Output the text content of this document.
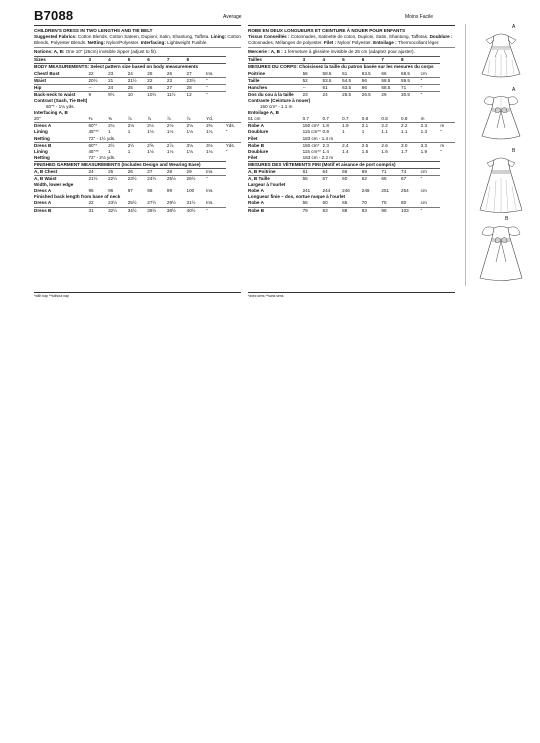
B7088	Average	Moins Facile
CHILDREN'S DRESS IN TWO LENGTHS AND TIE BELT
Suggested Fabrics: Cotton Blends, Cotton Sateen, Dupioni, Satin, Shantung, Taffeta. Lining: Cotton Blends, Polyester Blends. Netting: Nylon/Polyester. Interfacing: Lightweight Fusible.
Notions: A, B: One 10" (25cm) invisible zipper (adjust to fit).
Sizes	3	4	5	6	7	8		
BODY MEASUREMENTS: Select pattern size based on body measurements								
Chest/ Bust	22	23	24	25	26	27	Ins.	
Waist	20½	21	21½	22	23	23½	"	
Hip	--	24	25	26	27	28	"	
Back-neck to waist	9	9½	10	10½	11½	12	"	
Contrast (Sash, Tie Belt)								
60"* - 1⅛ yds.								
Interfacing A, B								
20"	⅜	⅜	⅞	⅞	⅞	⅞	Yd.	
Dress A	60"*	2⅛	2⅛	2⅛	2⅛	2⅛	2⅜	Yds.
Lining	45"**	1	1	1⅛	1⅛	1⅛	1⅛	"
Netting	72" - 1½ yds.							
Dress B	60"*	2½	2½	2⅝	2⅞	3⅛	3⅛	Yds.
Lining	45"**	1	1	1⅛	1⅛	1⅛	1⅛	"
Netting	72" - 2⅛ yds.							
FINISHED GARMENT MEASUREMENTS (Includes Design and Wearing Ease)								
A, B Chest	24	25	26	27	28	29	Ins.	
A, B Waist	21½	22½	23½	24½	25½	26½	"	
Width, lower edge								
Dress A	95	96	97	98	99	100	Ins.	
Finished back length from base of neck								
Dress A	22	23½	25½	27½	29½	31½	Ins.	
Dress B	31	32½	34½	36½	38½	40½	"	
ROBE EN DEUX LONGUEURS ET CEINTURE À NOUER POUR ENFANTS
Tissus Conseillés : Cotonnades, Satinette de coton, Dupioni, Satin, Shantung, Taffetas. Doublure : Cotonnades, Mélanges de polyester. Filet : Nylon/ Polyester. Entoilage : Thermocollant léger.
Mercerie : A, B : 1 fermeture à glissière invisible de 25 cm (adaptez pour ajuster).
Tailles	3	4	5	6	7	8		
MESURES DU CORPS: Choisissez la taille du patron basée sur les mesures du corps								
Poitrine	56	58.5	61	63.5	66	68.5	cm	
Taille	52	53.5	54.5	56	58.5	59.5	"	
Hanches	--	61	63.5	66	68.5	71	"	
Dos du cou à la taille	23	24	25.5	26.5	29	30.5	"	
Contraste (Ceinture à nouer)								
150 cm* - 1.1 m								
Entoilage A, B								
51 cm	0.7	0.7	0.7	0.8	0.8	0.8	m	
Robe A	150 cm*	1.8	1.9	2.1	2.2	2.2	2.3	m
Doublure	115 cm**	0.9	1	1	1.1	1.1	1.3	"
Filet	183 cm - 1.4 m							
Robe B	150 cm*	2.3	2.4	2.5	2.6	3.0	3.3	m
Doublure	115 cm**	1.4	1.4	1.5	1.6	1.7	1.9	"
Filet	183 cm - 2.2 m							
MESURES DES VÊTEMENTS FINI (Motif et aisance de port compris)								
A, B Poitrine	61	64	66	69	71	74	cm	
A, B Taille	55	57	60	62	65	67	"	
Largeur à l'ourlet								
Robe A	241	244	246	249	251	254	cm	
Longueur finie – dos, sortue nuque à l'ourlet								
Robe A	56	60	65	70	75	80	cm	
Robe B	79	83	88	93	98	103	"	
*with nap **without nap	*avec sens **sans sens
A
A
B
B
